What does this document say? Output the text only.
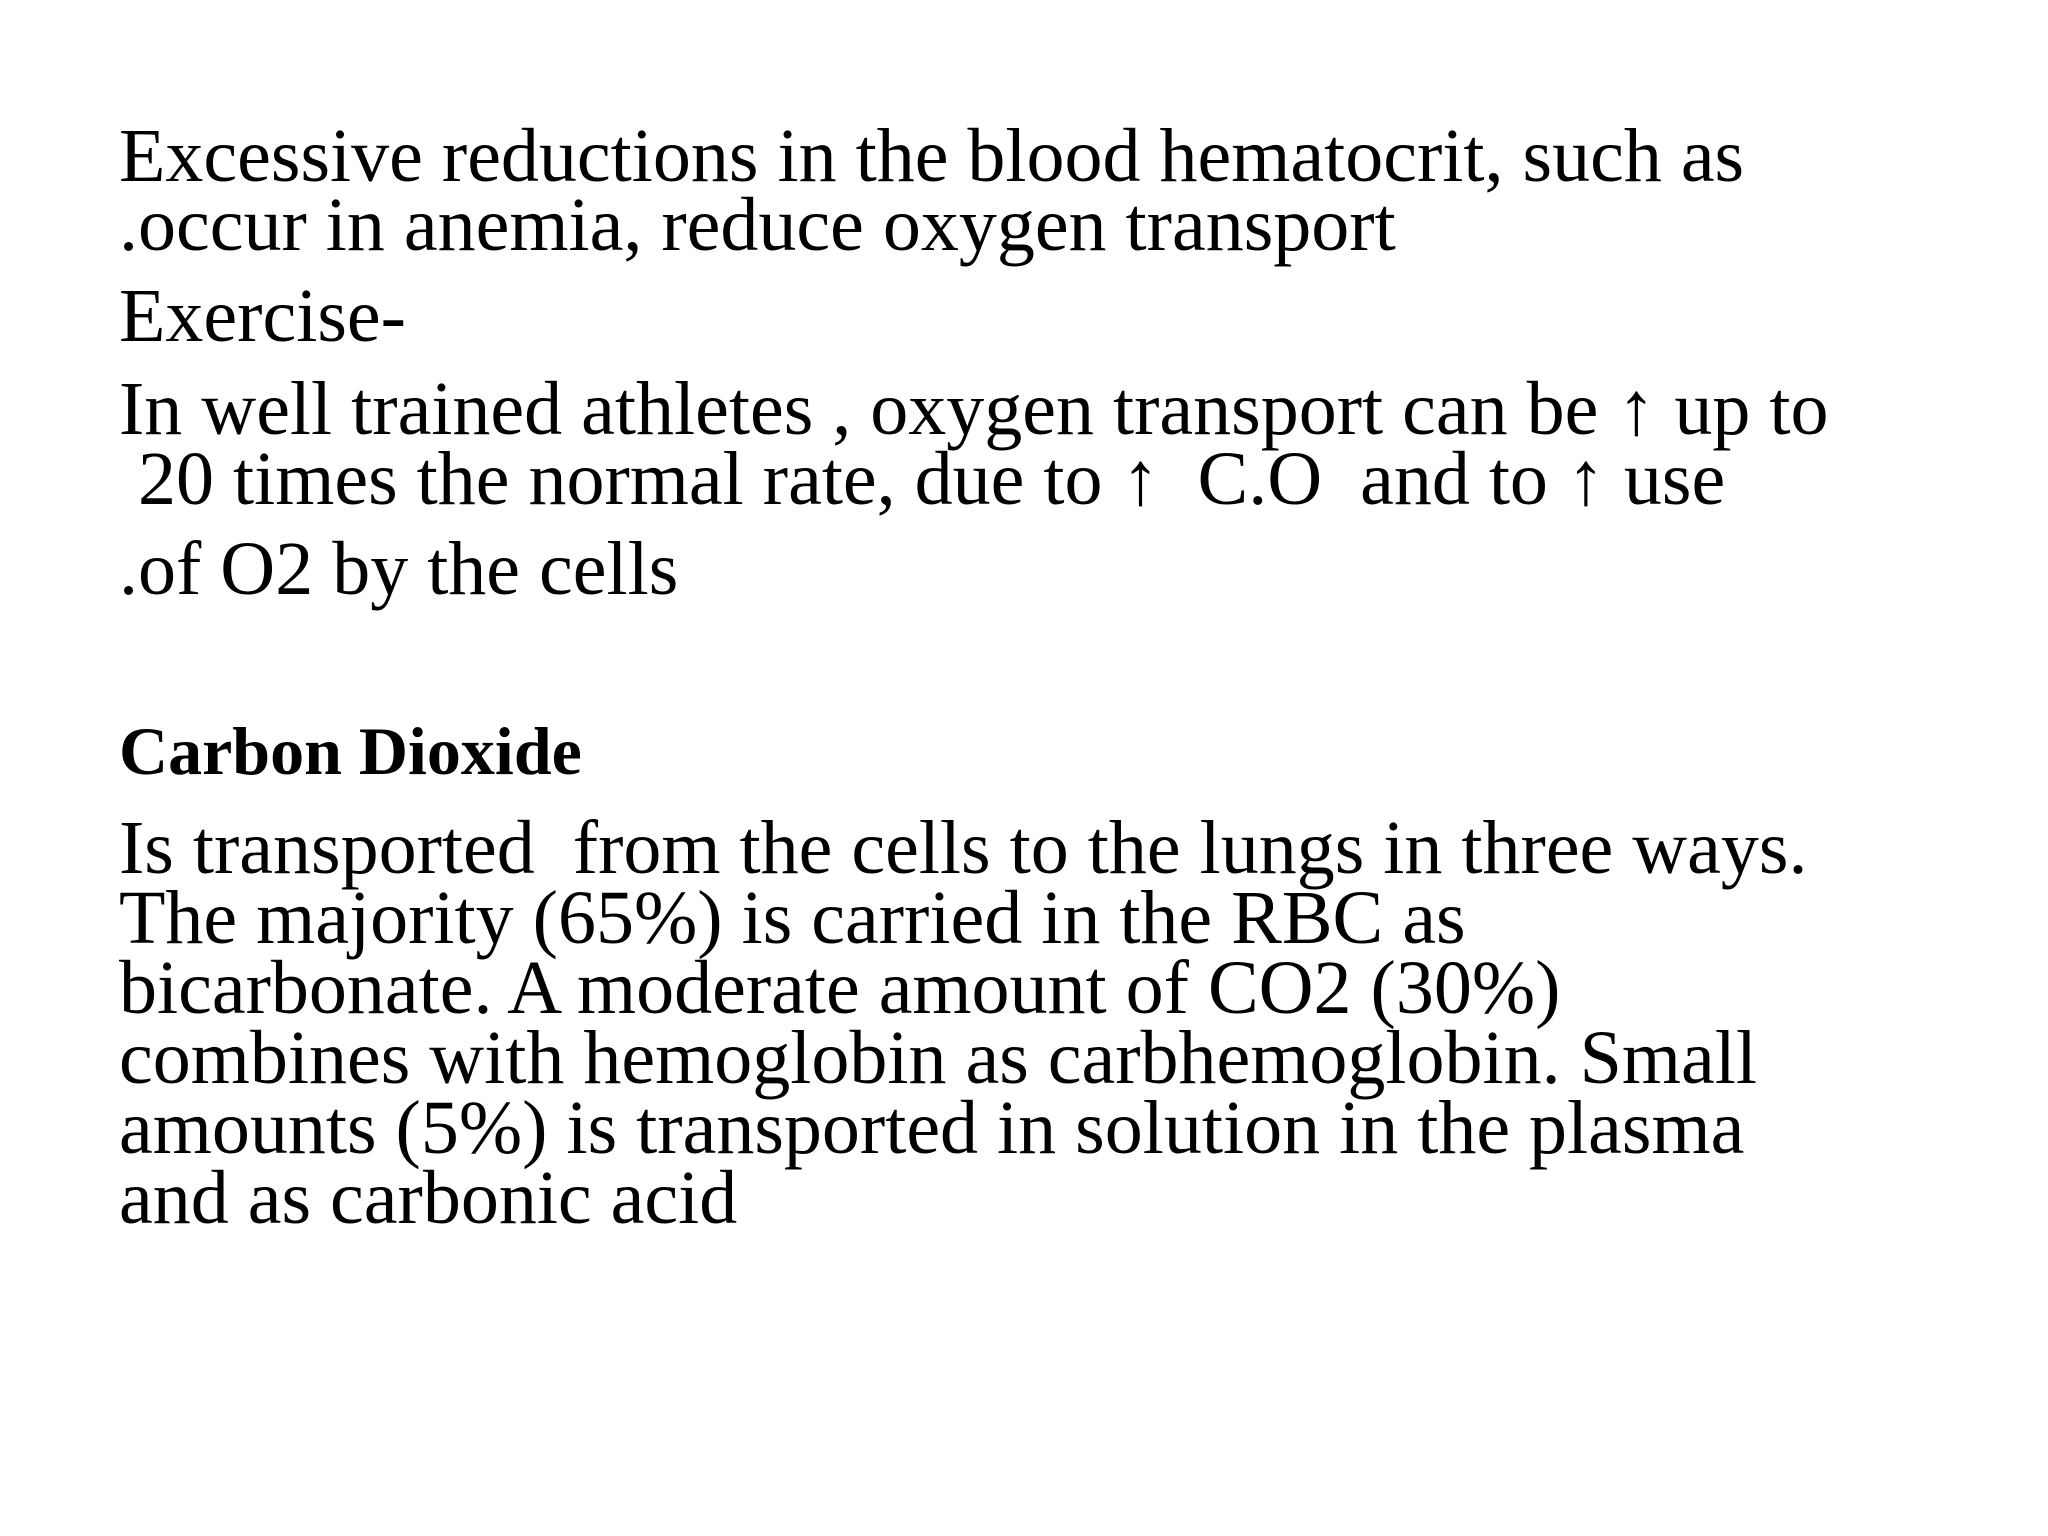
Excessive reductions in the blood hematocrit, such as

.occur in anemia, reduce oxygen transport

Exercise-

In well trained athletes , oxygen transport can be ↑ up to

20 times the normal rate, due to ↑  C.O  and to ↑ use

.of O2 by the cells

Carbon Dioxide

Is transported  from the cells to the lungs in three ways.

The majority (65%) is carried in the RBC as

bicarbonate. A moderate amount of CO2 (30%)

combines with hemoglobin as carbhemoglobin. Small

amounts (5%) is transported in solution in the plasma

and as carbonic acid
